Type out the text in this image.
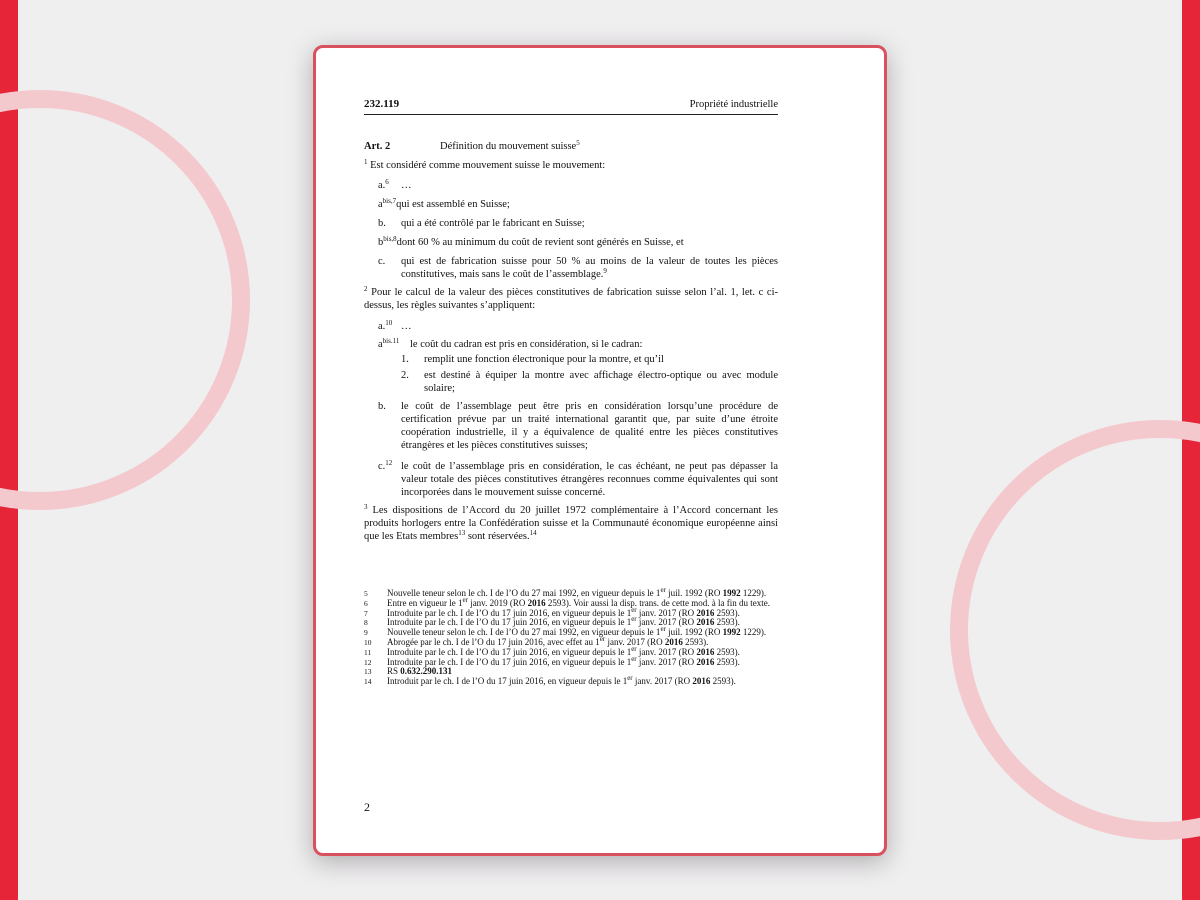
232.119	Propriété industrielle
Art. 2	Définition du mouvement suisse$^5$
$^1$ Est considéré comme mouvement suisse le mouvement:
a.$^6$ …
$a^{bis,7}qui$ est assemblé en Suisse;
b. qui a été contrôlé par le fabricant en Suisse;
$b^{bis,8}dont$ 60 % au minimum du coût de revient sont générés en Suisse, et
c. qui est de fabrication suisse pour 50 % au moins de la valeur de toutes les pièces constitutives, mais sans le coût de l’assemblage.$^9$
$^2$ Pour le calcul de la valeur des pièces constitutives de fabrication suisse selon l’al. 1, let. c ci-dessus, les règles suivantes s’appliquent:
a.$^{10}$ …
$a^{bis.11}$ le coût du cadran est pris en considération, si le cadran:
1. remplit une fonction électronique pour la montre, et qu’il
2. est destiné à équiper la montre avec affichage électro-optique ou avec module solaire;
b. le coût de l’assemblage peut être pris en considération lorsqu’une procédure de certification prévue par un traité international garantit que, par suite d’une étroite coopération industrielle, il y a équivalence de qualité entre les pièces constitutives étrangères et les pièces constitutives suisses;
c.$^{12}$ le coût de l’assemblage pris en considération, le cas échéant, ne peut pas dépasser la valeur totale des pièces constitutives étrangères reconnues comme équivalentes qui sont incorporées dans le mouvement suisse concerné.
$^3$ Les dispositions de l’Accord du 20 juillet 1972 complémentaire à l’Accord concernant les produits horlogers entre la Confédération suisse et la Communauté économique européenne ainsi que les Etats membres$^{13}$ sont réservées.$^{14}$
5 Nouvelle teneur selon le ch. I de l’O du 27 mai 1992, en vigueur depuis le 1er juil. 1992 (RO 1992 1229).
6 Entre en vigueur le 1er janv. 2019 (RO 2016 2593). Voir aussi la disp. trans. de cette mod. à la fin du texte.
7 Introduite par le ch. I de l’O du 17 juin 2016, en vigueur depuis le 1er janv. 2017 (RO 2016 2593).
8 Introduite par le ch. I de l’O du 17 juin 2016, en vigueur depuis le 1er janv. 2017 (RO 2016 2593).
9 Nouvelle teneur selon le ch. I de l’O du 27 mai 1992, en vigueur depuis le 1er juil. 1992 (RO 1992 1229).
10 Abrogée par le ch. I de l’O du 17 juin 2016, avec effet au 1er janv. 2017 (RO 2016 2593).
11 Introduite par le ch. I de l’O du 17 juin 2016, en vigueur depuis le 1er janv. 2017 (RO 2016 2593).
12 Introduite par le ch. I de l’O du 17 juin 2016, en vigueur depuis le 1er janv. 2017 (RO 2016 2593).
13 RS 0.632.290.131
14 Introduit par le ch. I de l’O du 17 juin 2016, en vigueur depuis le 1er janv. 2017 (RO 2016 2593).
2
